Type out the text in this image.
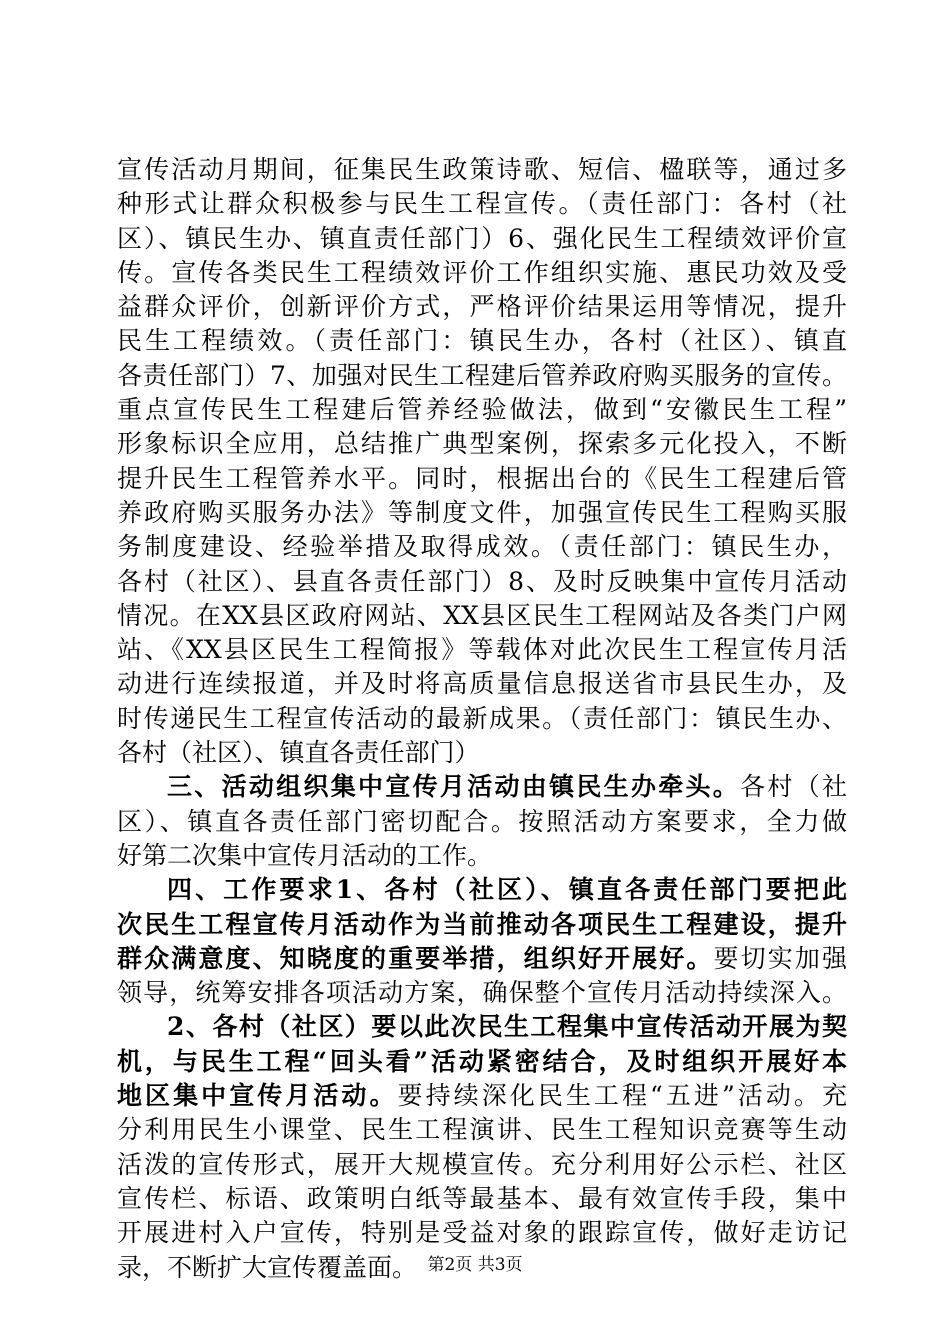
宣传活动月期间，征集民生政策诗歌、短信、楹联等，通过多
种形式让群众积极参与民生工程宣传。（责任部门：各村（社
区）、镇民生办、镇直责任部门）6、强化民生工程绩效评价宣
传。宣传各类民生工程绩效评价工作组织实施、惠民功效及受
益群众评价，创新评价方式，严格评价结果运用等情况，提升
民生工程绩效。（责任部门：镇民生办，各村（社区）、镇直
各责任部门）7、加强对民生工程建后管养政府购买服务的宣传。
重点宣传民生工程建后管养经验做法，做到“安徽民生工程”
形象标识全应用，总结推广典型案例，探索多元化投入，不断
提升民生工程管养水平。同时，根据出台的《民生工程建后管
养政府购买服务办法》等制度文件，加强宣传民生工程购买服
务制度建设、经验举措及取得成效。（责任部门：镇民生办，
各村（社区）、县直各责任部门）8、及时反映集中宣传月活动
情况。在XX县区政府网站、XX县区民生工程网站及各类门户网
站、《XX县区民生工程简报》等载体对此次民生工程宣传月活
动进行连续报道，并及时将高质量信息报送省市县民生办，及
时传递民生工程宣传活动的最新成果。（责任部门：镇民生办、
各村（社区）、镇直各责任部门）
三、活动组织集中宣传月活动由镇民生办牵头。各村（社
区）、镇直各责任部门密切配合。按照活动方案要求，全力做
好第二次集中宣传月活动的工作。
四、工作要求1、各村（社区）、镇直各责任部门要把此
次民生工程宣传月活动作为当前推动各项民生工程建设，提升
群众满意度、知晓度的重要举措，组织好开展好。要切实加强
领导，统筹安排各项活动方案，确保整个宣传月活动持续深入。
2、各村（社区）要以此次民生工程集中宣传活动开展为契
机，与民生工程“回头看”活动紧密结合，及时组织开展好本
地区集中宣传月活动。要持续深化民生工程“五进”活动。充
分利用民生小课堂、民生工程演讲、民生工程知识竞赛等生动
活泼的宣传形式，展开大规模宣传。充分利用好公示栏、社区
宣传栏、标语、政策明白纸等最基本、最有效宣传手段，集中
开展进村入户宣传，特别是受益对象的跟踪宣传，做好走访记
录，不断扩大宣传覆盖面。 第2页 共3页
